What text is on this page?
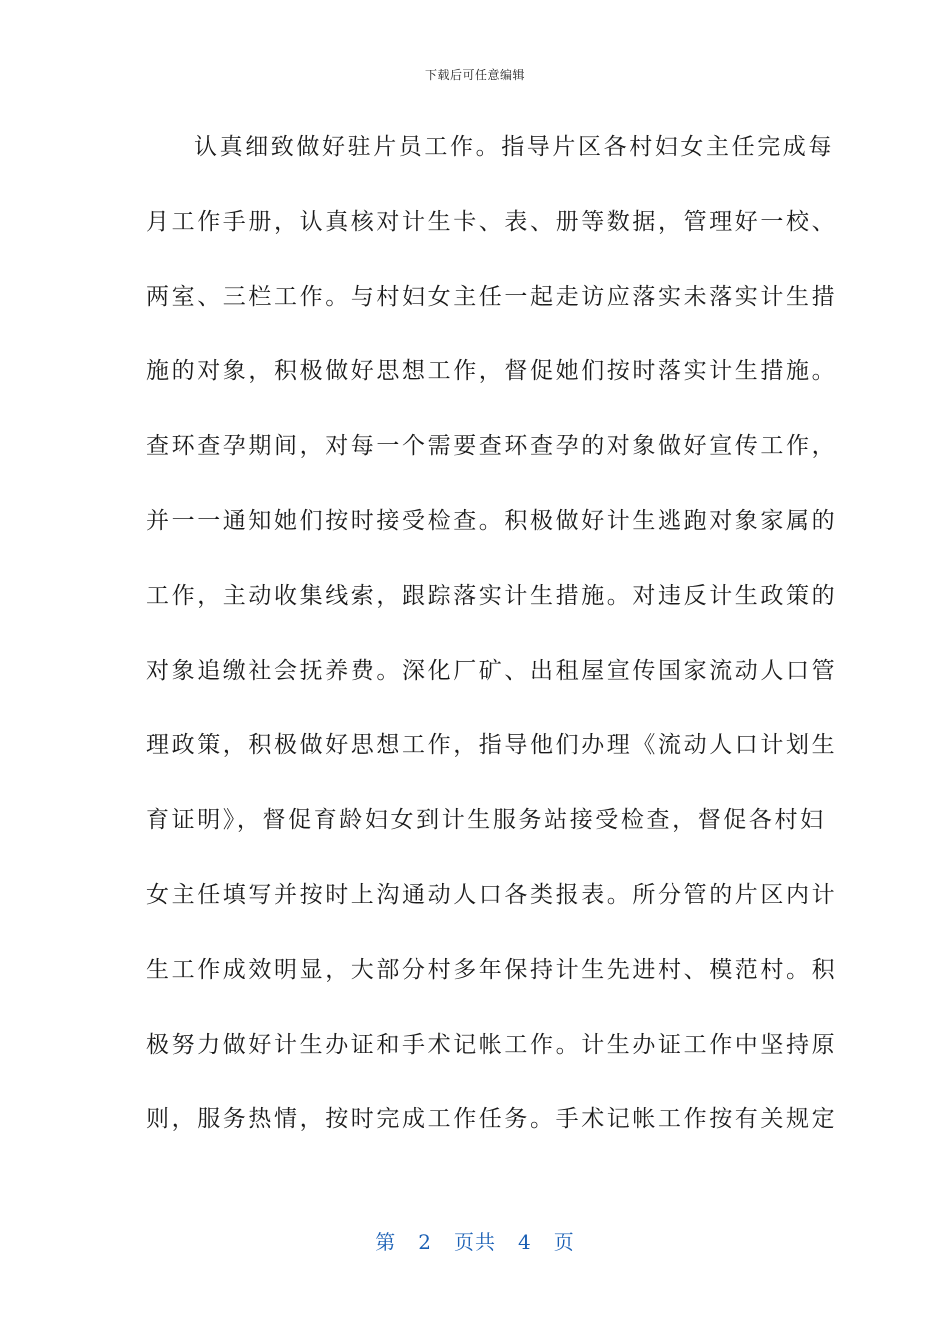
下载后可任意编辑
认真细致做好驻片员工作。指导片区各村妇女主任完成每
月工作手册，认真核对计生卡、表、册等数据，管理好一校、
两室、三栏工作。与村妇女主任一起走访应落实未落实计生措
施的对象，积极做好思想工作，督促她们按时落实计生措施。
查环查孕期间，对每一个需要查环查孕的对象做好宣传工作，
并一一通知她们按时接受检查。积极做好计生逃跑对象家属的
工作，主动收集线索，跟踪落实计生措施。对违反计生政策的
对象追缴社会抚养费。深化厂矿、出租屋宣传国家流动人口管
理政策，积极做好思想工作，指导他们办理《流动人口计划生
育证明》，督促育龄妇女到计生服务站接受检查，督促各村妇
女主任填写并按时上沟通动人口各类报表。所分管的片区内计
生工作成效明显，大部分村多年保持计生先进村、模范村。积
极努力做好计生办证和手术记帐工作。计生办证工作中坚持原
则，服务热情，按时完成工作任务。手术记帐工作按有关规定
第 2 页共 4 页
